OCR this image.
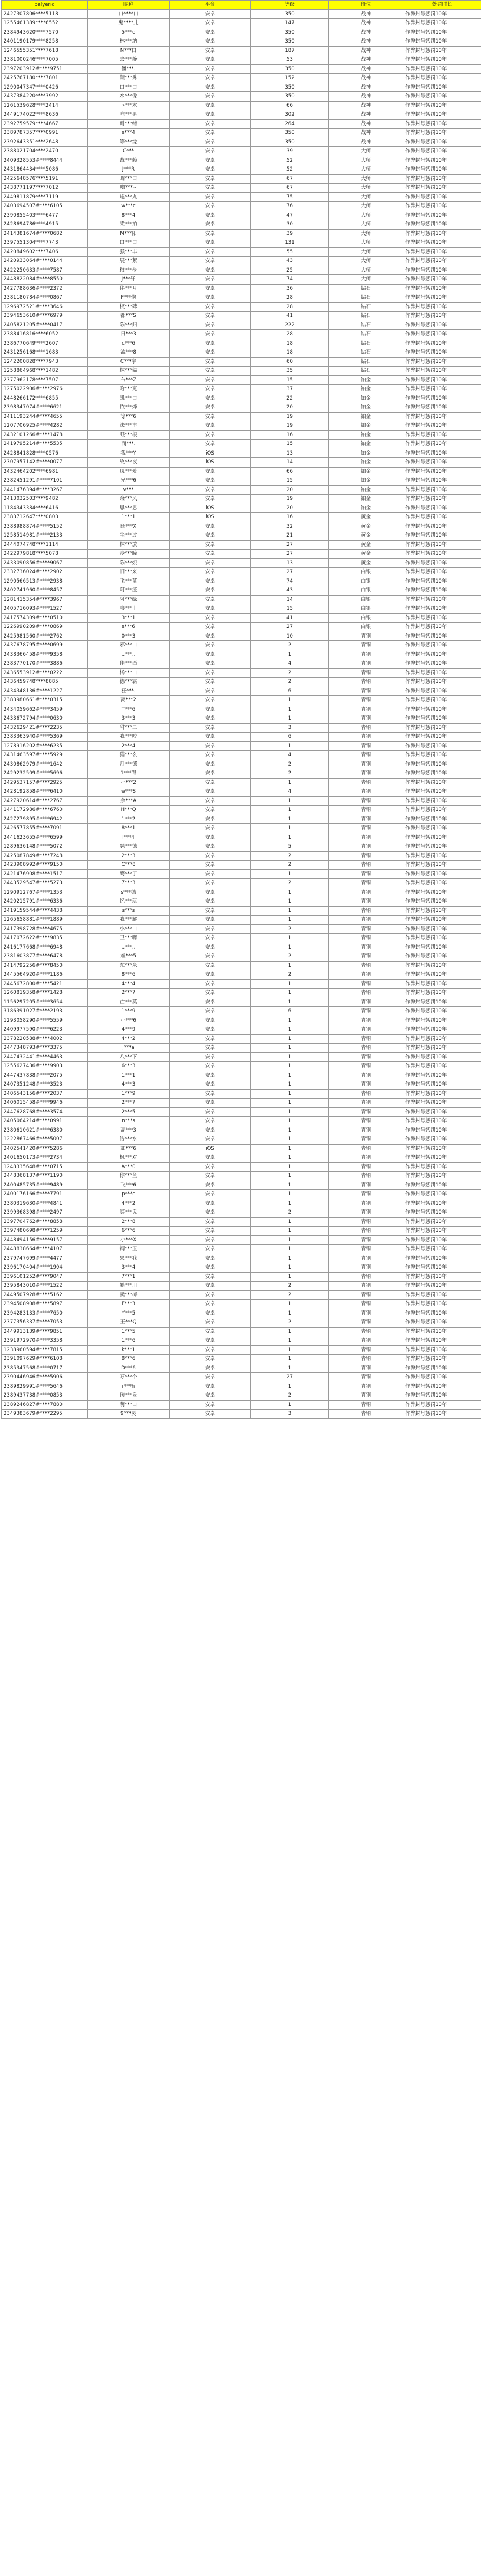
palyerid	昵称	平台	等级	段位	处罚时长
2427307806****5118	口****口	安卓	350	战神	作弊封号惩罚10年
1255461389****6552	鬼****儿	安卓	147	战神	作弊封号惩罚10年
2384943620****7570	5***e	安卓	350	战神	作弊封号惩罚10年
2401190179****8258	林***纳	安卓	350	战神	作弊封号惩罚10年
1246555351****7618	N***口	安卓	187	战神	作弊封号惩罚10年
2381000246****7005	去***静	安卓	53	战神	作弊封号惩罚10年
2397203912#****9751	僵***.	安卓	350	战神	作弊封号惩罚10年
2425767180****7801	禁***秀	安卓	152	战神	作弊封号惩罚10年
1290047347****0426	口***口	安卓	350	战神	作弊封号惩罚10年
2437384220****3992	水***像	安卓	350	战神	作弊封号惩罚10年
1261539628****2414	卜***木	安卓	66	战神	作弊封号惩罚10年
2449174022****8636	唯***男	安卓	302	战神	作弊封号惩罚10年
2392759579****4667	耐***绪	安卓	264	战神	作弊封号惩罚10年
2389787357****0991	s***4	安卓	350	战神	作弊封号惩罚10年
2392643351****2648	等***缘	安卓	350	战神	作弊封号惩罚10年
2388021704****2470	C***	安卓	39	大师	作弊封号惩罚10年
2409328553#****8444	裁***赖	安卓	52	大师	作弊封号惩罚10年
2431864434****5086	J***R	安卓	52	大师	作弊封号惩罚10年
2425648576****5191	昭***口	安卓	67	大师	作弊封号惩罚10年
2438771197****7012	噜***~	安卓	67	大师	作弊封号惩罚10年
2449811879****7119	连***丸	安卓	75	大师	作弊封号惩罚10年
2403694507#****6105	w***c	安卓	76	大师	作弊封号惩罚10年
2390855403****6477	8***4	安卓	47	大师	作弊封号惩罚10年
2428694786****4915	梁***拍	安卓	30	大师	作弊封号惩罚10年
2414381674#****0682	M***阳	安卓	39	大师	作弊封号惩罚10年
2397551304****7743	口***口	安卓	131	大师	作弊封号惩罚10年
2420849602****7406	强***丰	安卓	55	大师	作弊封号惩罚10年
2420933064#****0144	展***絮	安卓	43	大师	作弊封号惩罚10年
2422250633#****7587	粮***步	安卓	25	大师	作弊封号惩罚10年
2448822084#****8550	J***纾	安卓	74	大师	作弊封号惩罚10年
2427788636#****2372	伴***月	安卓	36	钻石	作弊封号惩罚10年
2381180784#****0867	F***炮	安卓	28	钻石	作弊封号惩罚10年
1296972521#****3646	权***碑	安卓	28	钻石	作弊封号惩罚10年
2394653610#****6979	都***S	安卓	41	钻石	作弊封号惩罚10年
2405821205#****0417	陈***归	安卓	222	钻石	作弊封号惩罚10年
2388416816****6052	日***3	安卓	28	钻石	作弊封号惩罚10年
2386770649****2607	c***6	安卓	18	钻石	作弊封号惩罚10年
2431256168****1683	流***8	安卓	18	钻石	作弊封号惩罚10年
1242200828****7943	C***宇	安卓	60	钻石	作弊封号惩罚10年
1258864968****1482	林***猫	安卓	35	钻石	作弊封号惩罚10年
2377962178****7507	布***Z	安卓	15	铂金	作弊封号惩罚10年
1275022906#****2976	哈***克	安卓	37	铂金	作弊封号惩罚10年
2448266172****6855	凯***口	安卓	22	铂金	作弊封号惩罚10年
2398347074#****6621	依***烨	安卓	20	铂金	作弊封号惩罚10年
2411193244#****4655	等***6	安卓	19	铂金	作弊封号惩罚10年
1207706925#****4282	法***丰	安卓	19	铂金	作弊封号惩罚10年
2432101266#****1478	眼***根	安卓	16	铂金	作弊封号惩罚10年
2419795214#****5535	而***.	安卓	15	铂金	作弊封号惩罚10年
2428841828****0576	我***Y	iOS	13	铂金	作弊封号惩罚10年
2307957142#****0077	故***夜	iOS	14	铂金	作弊封号惩罚10年
2432464202****6981	风***爱	安卓	66	铂金	作弊封号惩罚10年
2382451291#****7101	兄***6	安卓	15	铂金	作弊封号惩罚10年
2441476394#****3267	v***	安卓	20	铂金	作弊封号惩罚10年
2413032503****9482	余***风	安卓	19	铂金	作弊封号惩罚10年
1184343384****6416	思***思	iOS	20	铂金	作弊封号惩罚10年
2383712647****0803	1***1	iOS	16	黄金	作弊封号惩罚10年
2388988874#****5152	幽***X	安卓	32	黄金	作弊封号惩罚10年
1258514981#****2133	尘***过	安卓	21	黄金	作弊封号惩罚10年
2444074748****1114	林***放	安卓	27	黄金	作弊封号惩罚10年
2422979818****5078	沙***瞳	安卓	27	黄金	作弊封号惩罚10年
2433090856#****9067	陈***炽	安卓	13	黄金	作弊封号惩罚10年
2332736024#****2902	旧***来	安卓	27	白银	作弊封号惩罚10年
1290566513#****2938	飞***蓝	安卓	74	白银	作弊封号惩罚10年
2402741960#****8457	阿***疫	安卓	43	白银	作弊封号惩罚10年
1281415354#****3967	阿***绿	安卓	14	白银	作弊封号惩罚10年
2405716093#****1527	噜***丨	安卓	15	白银	作弊封号惩罚10年
2417574309#****0510	3***1	安卓	41	白银	作弊封号惩罚10年
1226990209#****0869	s***6	安卓	27	白银	作弊封号惩罚10年
2425981560#****2762	0***3	安卓	10	青铜	作弊封号惩罚10年
2437678795#****0699	邪***口	安卓	2	青铜	作弊封号惩罚10年
2438366458#****9358	..***..	安卓	1	青铜	作弊封号惩罚10年
2383770170#****3886	佳***西	安卓	4	青铜	作弊封号惩罚10年
2436553912#****0222	杨***口	安卓	2	青铜	作弊封号惩罚10年
2436459748****8885	德***霸	安卓	2	青铜	作弊封号惩罚10年
2434348136#****1227	狂***.	安卓	6	青铜	作弊封号惩罚10年
2383980661#****0315	离***2	安卓	1	青铜	作弊封号惩罚10年
2434059662#****3459	T***6	安卓	1	青铜	作弊封号惩罚10年
2433672794#****0630	3***3	安卓	1	青铜	作弊封号惩罚10年
2432629421#****2235	附***二	安卓	3	青铜	作弊封号惩罚10年
2383363940#****5369	我***咬	安卓	6	青铜	作弊封号惩罚10年
1278916202#****6235	2***4	安卓	1	青铜	作弊封号惩罚10年
2431463597#****5929	猫***么	安卓	4	青铜	作弊封号惩罚10年
2430862979#****1642	月***德	安卓	2	青铜	作弊封号惩罚10年
2429232509#****5696	1***碍	安卓	2	青铜	作弊封号惩罚10年
2429537157#****2925	小***2	安卓	1	青铜	作弊封号惩罚10年
2428192858#****6410	w***S	安卓	4	青铜	作弊封号惩罚10年
2427920614#****2767	余***A	安卓	1	青铜	作弊封号惩罚10年
1441172986#****6760	H***Q	安卓	1	青铜	作弊封号惩罚10年
2427279895#****6942	1***2	安卓	1	青铜	作弊封号惩罚10年
2426577855#****7091	8***1	安卓	1	青铜	作弊封号惩罚10年
2441623655#****6599	I***4	安卓	1	青铜	作弊封号惩罚10年
1289636148#****5072	瑟***德	安卓	5	青铜	作弊封号惩罚10年
2425087849#****7248	2***3	安卓	2	青铜	作弊封号惩罚10年
2423908992#****9150	C***8	安卓	2	青铜	作弊封号惩罚10年
2421476908#****1517	鹰***了	安卓	1	青铜	作弊封号惩罚10年
2443529547#****5273	7***3	安卓	2	青铜	作弊封号惩罚10年
1290912767#****1353	s***德	安卓	1	青铜	作弊封号惩罚10年
2420215791#****6336	忆***玩	安卓	1	青铜	作弊封号惩罚10年
2419159544#****4438	s***s	安卓	1	青铜	作弊封号惩罚10年
1265658881#****1889	我***解	安卓	1	青铜	作弊封号惩罚10年
2417398728#****4675	小***口	安卓	2	青铜	作弊封号惩罚10年
2417072622#****9835	卫***嗯	安卓	1	青铜	作弊封号惩罚10年
2416177668#****6948	..***..	安卓	1	青铜	作弊封号惩罚10年
2381603877#****6478	难***5	安卓	2	青铜	作弊封号惩罚10年
2414792256#****8450	东***米	安卓	1	青铜	作弊封号惩罚10年
2445564920#****1186	8***6	安卓	2	青铜	作弊封号惩罚10年
2445672800#****5421	4***4	安卓	1	青铜	作弊封号惩罚10年
1260819358#****1428	2***7	安卓	1	青铜	作弊封号惩罚10年
1156297205#****3654	亡***莫	安卓	1	青铜	作弊封号惩罚10年
3186391027#****2193	1***9	安卓	6	青铜	作弊封号惩罚10年
1293058290#****5559	小***6	安卓	1	青铜	作弊封号惩罚10年
2409977590#****6223	4***9	安卓	1	青铜	作弊封号惩罚10年
2378220588#****4002	4***2	安卓	1	青铜	作弊封号惩罚10年
2447348793#****3375	J***a	安卓	1	青铜	作弊封号惩罚10年
2447432441#****4463	八***下	安卓	1	青铜	作弊封号惩罚10年
1255627436#****9903	6***3	安卓	1	青铜	作弊封号惩罚10年
2447437838#****2075	1***1	安卓	1	青铜	作弊封号惩罚10年
2407351248#****3523	4***3	安卓	1	青铜	作弊封号惩罚10年
2406543156#****2037	1***9	安卓	1	青铜	作弊封号惩罚10年
2406015458#****9946	2***7	安卓	1	青铜	作弊封号惩罚10年
2447628768#****3574	2***5	安卓	1	青铜	作弊封号惩罚10年
2405064214#****0991	n***s	安卓	1	青铜	作弊封号惩罚10年
2380610621#****6380	高***3	安卓	1	青铜	作弊封号惩罚10年
1222867466#****5007	洁***水	安卓	1	青铜	作弊封号惩罚10年
2402541420#****5286	加***6	iOS	1	青铜	作弊封号惩罚10年
2401650173#****2734	枫***对	安卓	1	青铜	作弊封号惩罚10年
1248335648#****0715	A***0	安卓	1	青铜	作弊封号惩罚10年
2448368137#****1190	你***鱼	安卓	1	青铜	作弊封号惩罚10年
2400485735#****9489	飞***6	安卓	1	青铜	作弊封号惩罚10年
2400176166#****7791	p***c	安卓	1	青铜	作弊封号惩罚10年
2380319630#****4841	4***2	安卓	1	青铜	作弊封号惩罚10年
2399368398#****2497	冥***鬼	安卓	2	青铜	作弊封号惩罚10年
2397704762#****8858	2***8	安卓	1	青铜	作弊封号惩罚10年
2397480698#****1259	6***6	安卓	1	青铜	作弊封号惩罚10年
2448494156#****9157	小***X	安卓	1	青铜	作弊封号惩罚10年
2448838664#****4107	钢***玉	安卓	1	青铜	作弊封号惩罚10年
2379747699#****4477	果***我	安卓	1	青铜	作弊封号惩罚10年
2396170404#****1904	3***4	安卓	1	青铜	作弊封号惩罚10年
2396101252#****9047	7***1	安卓	1	青铜	作弊封号惩罚10年
2395843010#****1522	暴***川	安卓	2	青铜	作弊封号惩罚10年
2449507928#****5162	卖***梅	安卓	2	青铜	作弊封号惩罚10年
2394508908#****5897	F***3	安卓	1	青铜	作弊封号惩罚10年
2394283133#****7650	Y***5	安卓	1	青铜	作弊封号惩罚10年
2377356337#****7053	王***Q	安卓	2	青铜	作弊封号惩罚10年
2449913139#****9851	1***5	安卓	1	青铜	作弊封号惩罚10年
2391972970#****3358	1***6	安卓	1	青铜	作弊封号惩罚10年
1238960594#****7815	k***1	安卓	1	青铜	作弊封号惩罚10年
2391097629#****6108	8***6	安卓	1	青铜	作弊封号惩罚10年
2385347568#****0717	D***6	安卓	1	青铜	作弊封号惩罚10年
2390446946#****5906	万***个	安卓	27	青铜	作弊封号惩罚10年
2389829991#****5646	r***h	安卓	1	青铜	作弊封号惩罚10年
2389437738#****0853	伤***泉	安卓	2	青铜	作弊封号惩罚10年
2389246827#****7880	萌***口	安卓	1	青铜	作弊封号惩罚10年
2349383679#****2295	9***灵	安卓	3	青铜	作弊封号惩罚10年
